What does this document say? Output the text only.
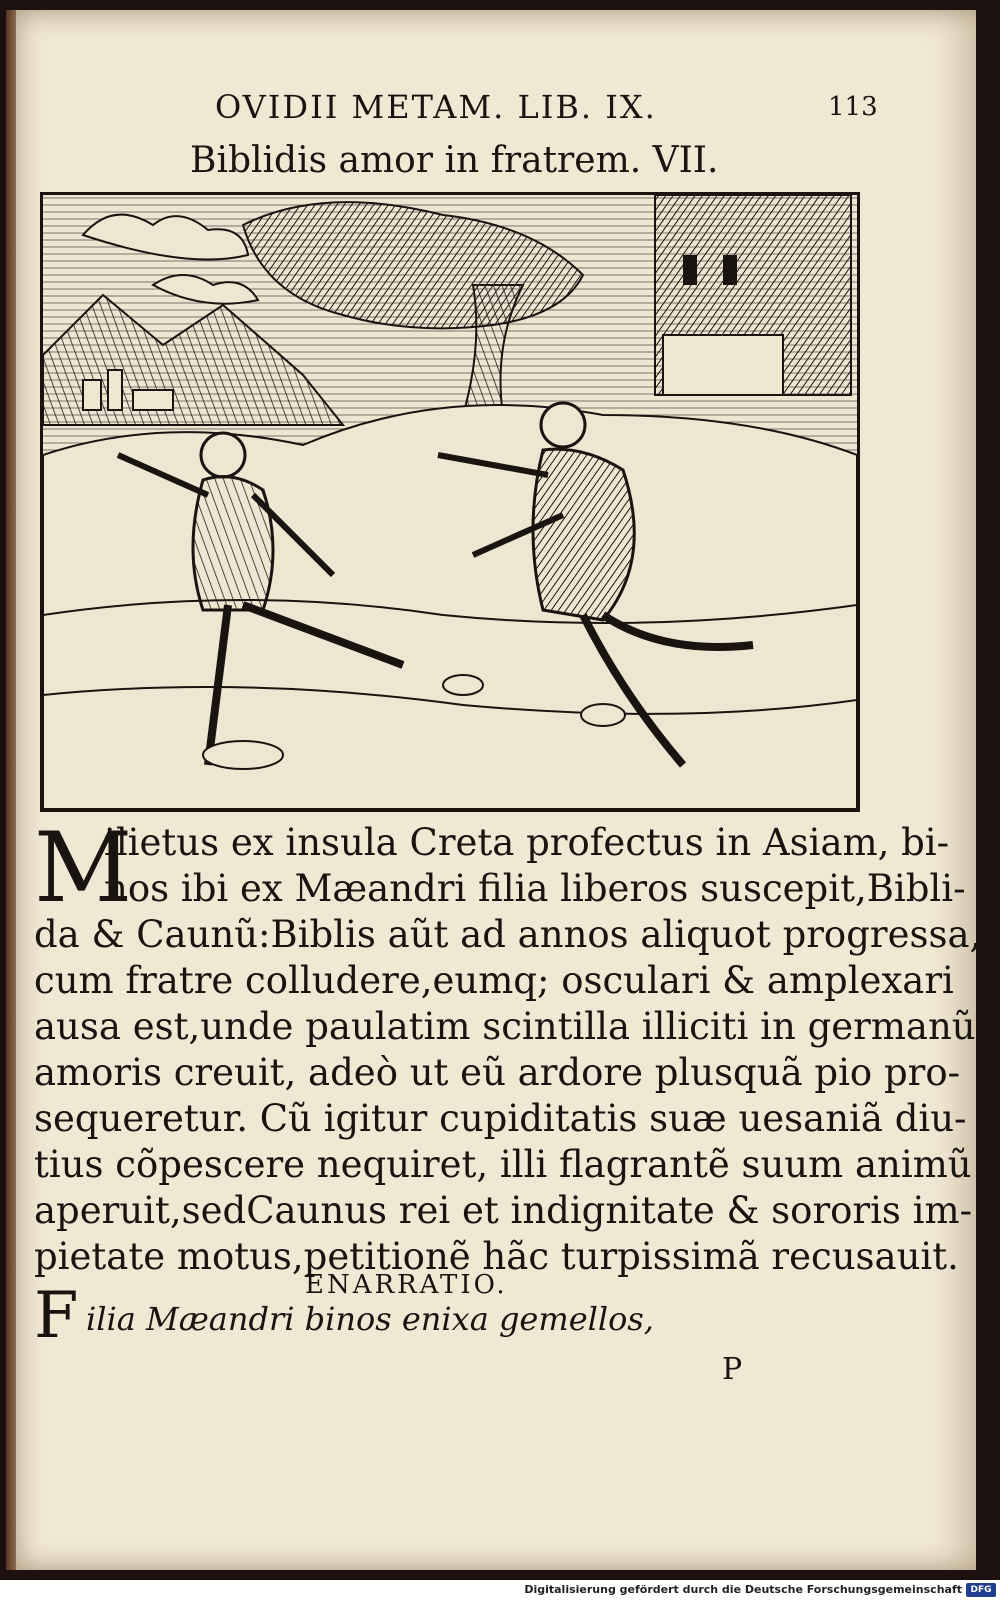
OVIDII METAM. LIB. IX.	113
Biblidis amor in fratrem. VII.
M
ilietus ex insula Creta profectus in Asiam, bi-
nos ibi ex Mæandri filia liberos suscepit,Bibli-
da & Caunũ:Biblis aũt ad annos aliquot progressa,
cum fratre colludere,eumq; osculari & amplexari
ausa est,unde paulatim scintilla illiciti in germanũ
amoris creuit, adeò ut eũ ardore plusquã pio pro-
sequeretur. Cũ igitur cupiditatis suæ uesaniã diu-
tius cõpescere nequiret, illi flagrantẽ suum animũ
aperuit,sedCaunus rei et indignitate & sororis im-
pietate motus,petitionẽ hãc turpissimã recusauit.
ENARRATIO.
F ilia Mæandri binos enixa gemellos,
P
Digitalisierung gefördert durch die Deutsche Forschungsgemeinschaft DFG
